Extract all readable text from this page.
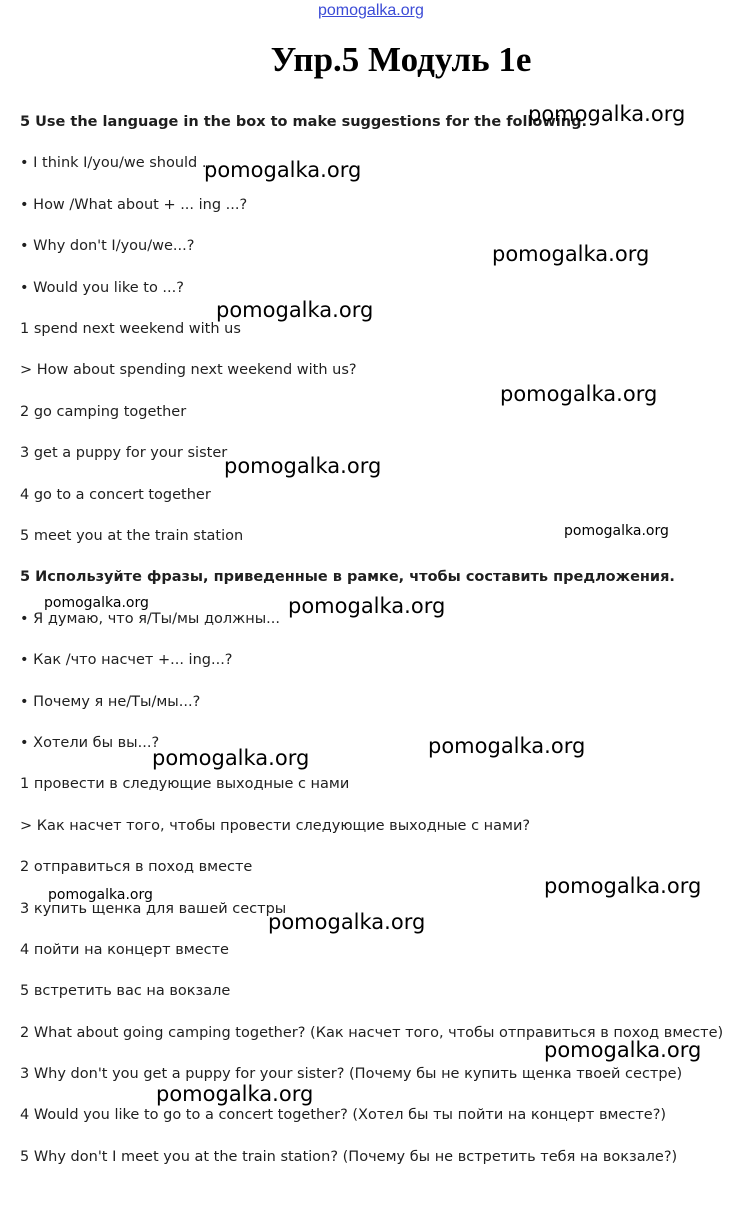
pomogalka.org
Упр.5 Модуль 1е
5 Use the language in the box to make suggestions for the following.
• I think I/you/we should ...
• How /What about + ... ing ...?
• Why don't I/you/we...?
• Would you like to ...?
1 spend next weekend with us
> How about spending next weekend with us?
2 go camping together
3 get a puppy for your sister
4 go to a concert together
5 meet you at the train station
5 Используйте фразы, приведенные в рамке, чтобы составить предложения.
• Я думаю, что я/Ты/мы должны...
• Как /что насчет +... ing...?
• Почему я не/Ты/мы...?
• Хотели бы вы...?
1 провести в следующие выходные с нами
> Как насчет того, чтобы провести следующие выходные с нами?
2 отправиться в поход вместе
3 купить щенка для вашей сестры
4 пойти на концерт вместе
5 встретить вас на вокзале
2 What about going camping together? (Как насчет того, чтобы отправиться в поход вместе)
3 Why don't you get a puppy for your sister? (Почему бы не купить щенка твоей сестре)
4 Would you like to go to a concert together? (Хотел бы ты пойти на концерт вместе?)
5 Why don't I meet you at the train station? (Почему бы не встретить тебя на вокзале?)
pomogalka.org
pomogalka.org
pomogalka.org
pomogalka.org
pomogalka.org
pomogalka.org
pomogalka.org
pomogalka.org	pomogalka.org
pomogalka.org
pomogalka.org
pomogalka.org
pomogalka.org
pomogalka.org
pomogalka.org
pomogalka.org
